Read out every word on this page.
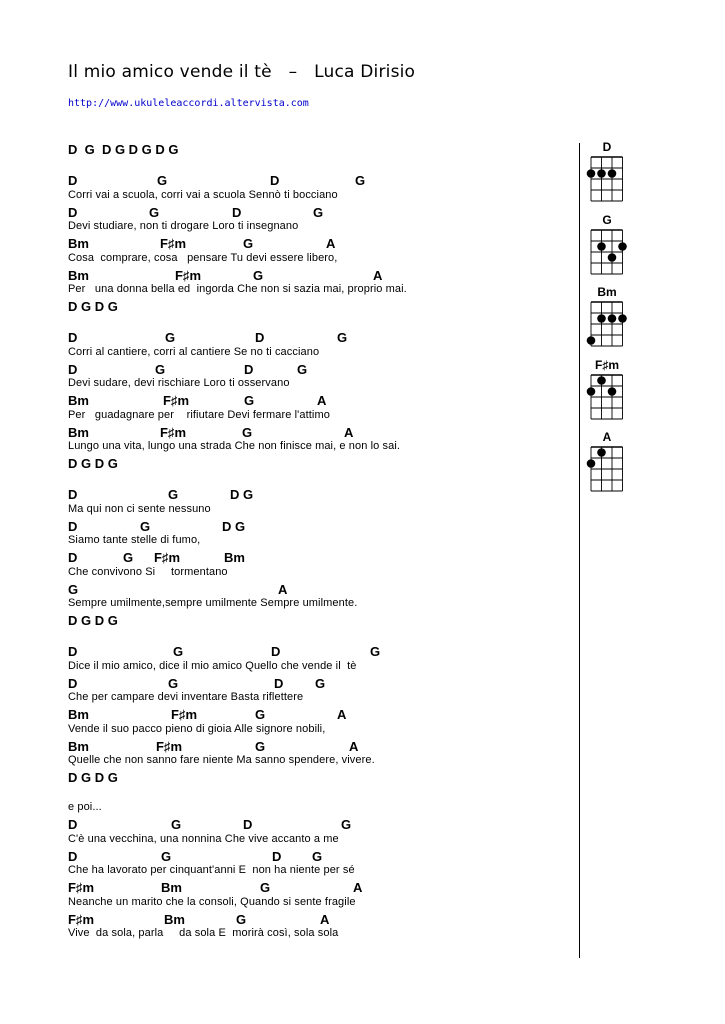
Il mio amico vende il tè   –   Luca Dirisio
http://www.ukuleleaccordi.altervista.com
D  G  D G D G D G
D	G	D	G
Corri vai a scuola, corri vai a scuola Sennò ti bocciano
D	G	D	G
Devi studiare, non ti drogare Loro ti insegnano
Bm	F♯m	G	A
Cosa  comprare, cosa   pensare Tu devi essere libero,
Bm	F♯m	G	A
Per   una donna bella ed  ingorda Che non si sazia mai, proprio mai.
D G D G
D	G	D	G
Corri al cantiere, corri al cantiere Se no ti cacciano
D	G	D	G
Devi sudare, devi rischiare Loro ti osservano
Bm	F♯m	G	A
Per   guadagnare per    rifiutare Devi fermare l'attimo
Bm	F♯m	G	A
Lungo una vita, lungo una strada Che non finisce mai, e non lo sai.
D G D G
D	G	D G
Ma qui non ci sente nessuno
D	G	D G
Siamo tante stelle di fumo,
D	G F♯m	Bm
Che convivono Si     tormentano
G	A
Sempre umilmente,sempre umilmente Sempre umilmente.
D G D G
D	G	D	G
Dice il mio amico, dice il mio amico Quello che vende il  tè
D	G	D G
Che per campare devi inventare Basta riflettere
Bm	F♯m	G	A
Vende il suo pacco pieno di gioia Alle signore nobili,
Bm	F♯m	G	A
Quelle che non sanno fare niente Ma sanno spendere, vivere.
D G D G
e poi...
D	G	D	G
C'è una vecchina, una nonnina Che vive accanto a me
D	G	D G
Che ha lavorato per cinquant'anni E  non ha niente per sé
F♯m	Bm	G	A
Neanche un marito che la consoli, Quando si sente fragile
F♯m	Bm	G	A
Vive  da sola, parla     da sola E  morirà così, sola sola
D
G
Bm
F♯m
A
